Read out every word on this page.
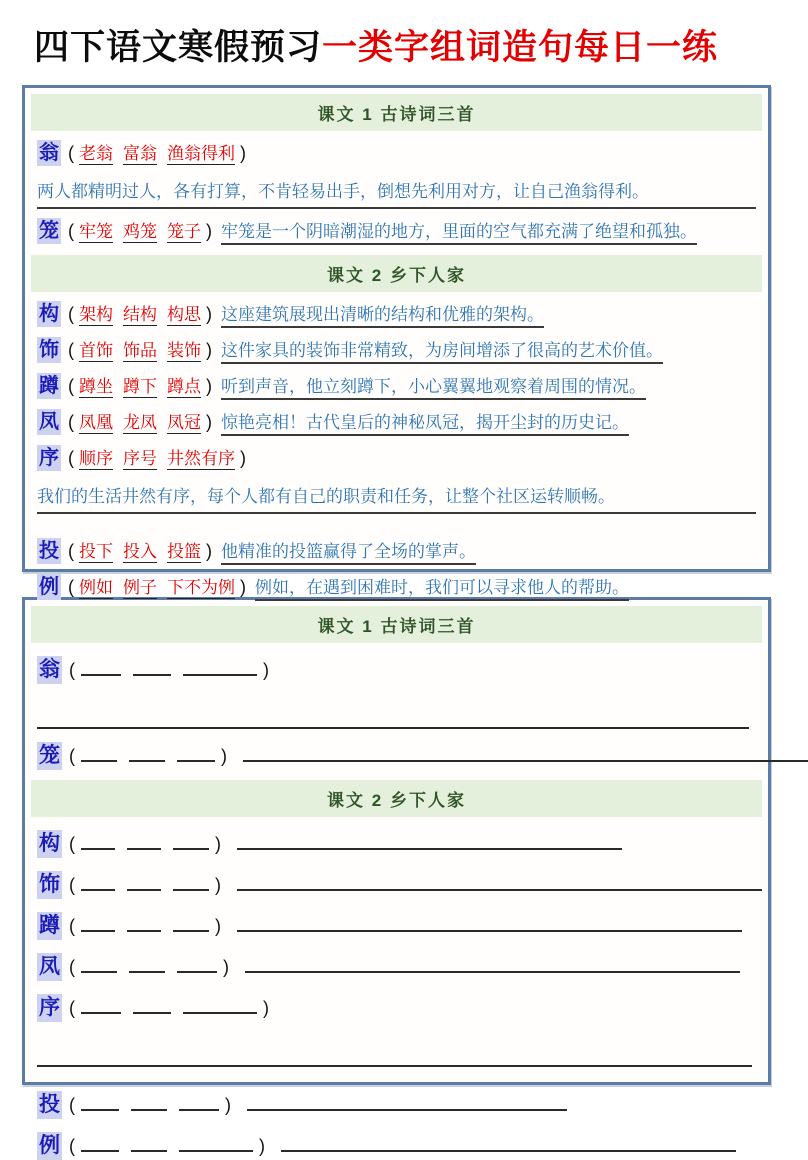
四下语文寒假预习一类字组词造句每日一练
课文 1 古诗词三首
翁 ( 老翁 富翁 渔翁得利 )
两人都精明过人，各有打算，不肯轻易出手，倒想先利用对方，让自己渔翁得利。
笼 ( 牢笼 鸡笼 笼子 ) 牢笼是一个阴暗潮湿的地方，里面的空气都充满了绝望和孤独。
课文 2 乡下人家
构 ( 架构 结构 构思 ) 这座建筑展现出清晰的结构和优雅的架构。
饰 ( 首饰 饰品 装饰 ) 这件家具的装饰非常精致，为房间增添了很高的艺术价值。
蹲 ( 蹲坐 蹲下 蹲点 ) 听到声音，他立刻蹲下，小心翼翼地观察着周围的情况。
凤 ( 凤凰 龙凤 凤冠 ) 惊艳亮相！古代皇后的神秘凤冠，揭开尘封的历史记。
序 ( 顺序 序号 井然有序 )
我们的生活井然有序，每个人都有自己的职责和任务，让整个社区运转顺畅。
投 ( 投下 投入 投篮 ) 他精准的投篮赢得了全场的掌声。
例 ( 例如 例子 下不为例 ) 例如，在遇到困难时，我们可以寻求他人的帮助。
课文 1 古诗词三首
翁 (	)
笼 (	)
课文 2 乡下人家
构 (	)
饰 (	)
蹲 (	)
凤 (	)
序 (	)
投 (	)
例 (	)
